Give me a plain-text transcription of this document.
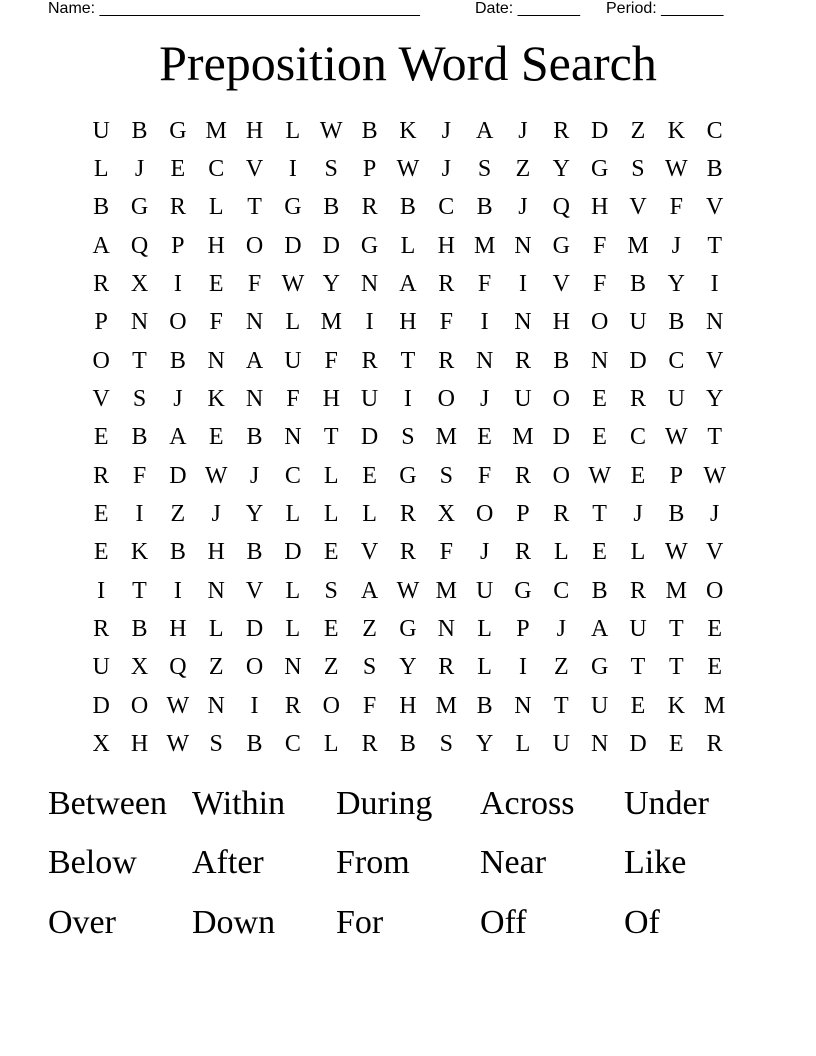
Name: ____________________________________	Date: _______ Period: _______
Preposition Word Search
U B G M H L W B K	J	A	J	R D Z K C
L	J	E C V	I	S	P W J	S	Z Y G S W B
B G R L T G B R B C B	J	Q H V F V
A Q P H O D D G L H M N G F M J	T
R X	I	E	F W Y N A R F	I	V F B Y	I
P N O F N L M I	H F	I	N H O U B N
O T B N A U F R T R N R B N D C V
V S	J	K N F H U	I	O	J	U O E R U Y
E B A E B N T D S M E M D E C W T
R F D W J	C L E G S	F R O W E	P W
E	I	Z	J	Y L L L R X O P R T	J	B	J
E K B H B D E V R F	J	R L E L W V
I	T	I	N V L	S A W M U G C B R M O
R B H L D L E Z G N L	P	J	A U T E
U X Q Z O N Z	S Y R L	I	Z G T T E
D O W N	I	R O F H M B N T U E K M
X H W S B C L R B S Y L U N D E R
Between Within	During	Across	Under
Below	After	From	Near	Like
Over	Down	For	Off	Of
